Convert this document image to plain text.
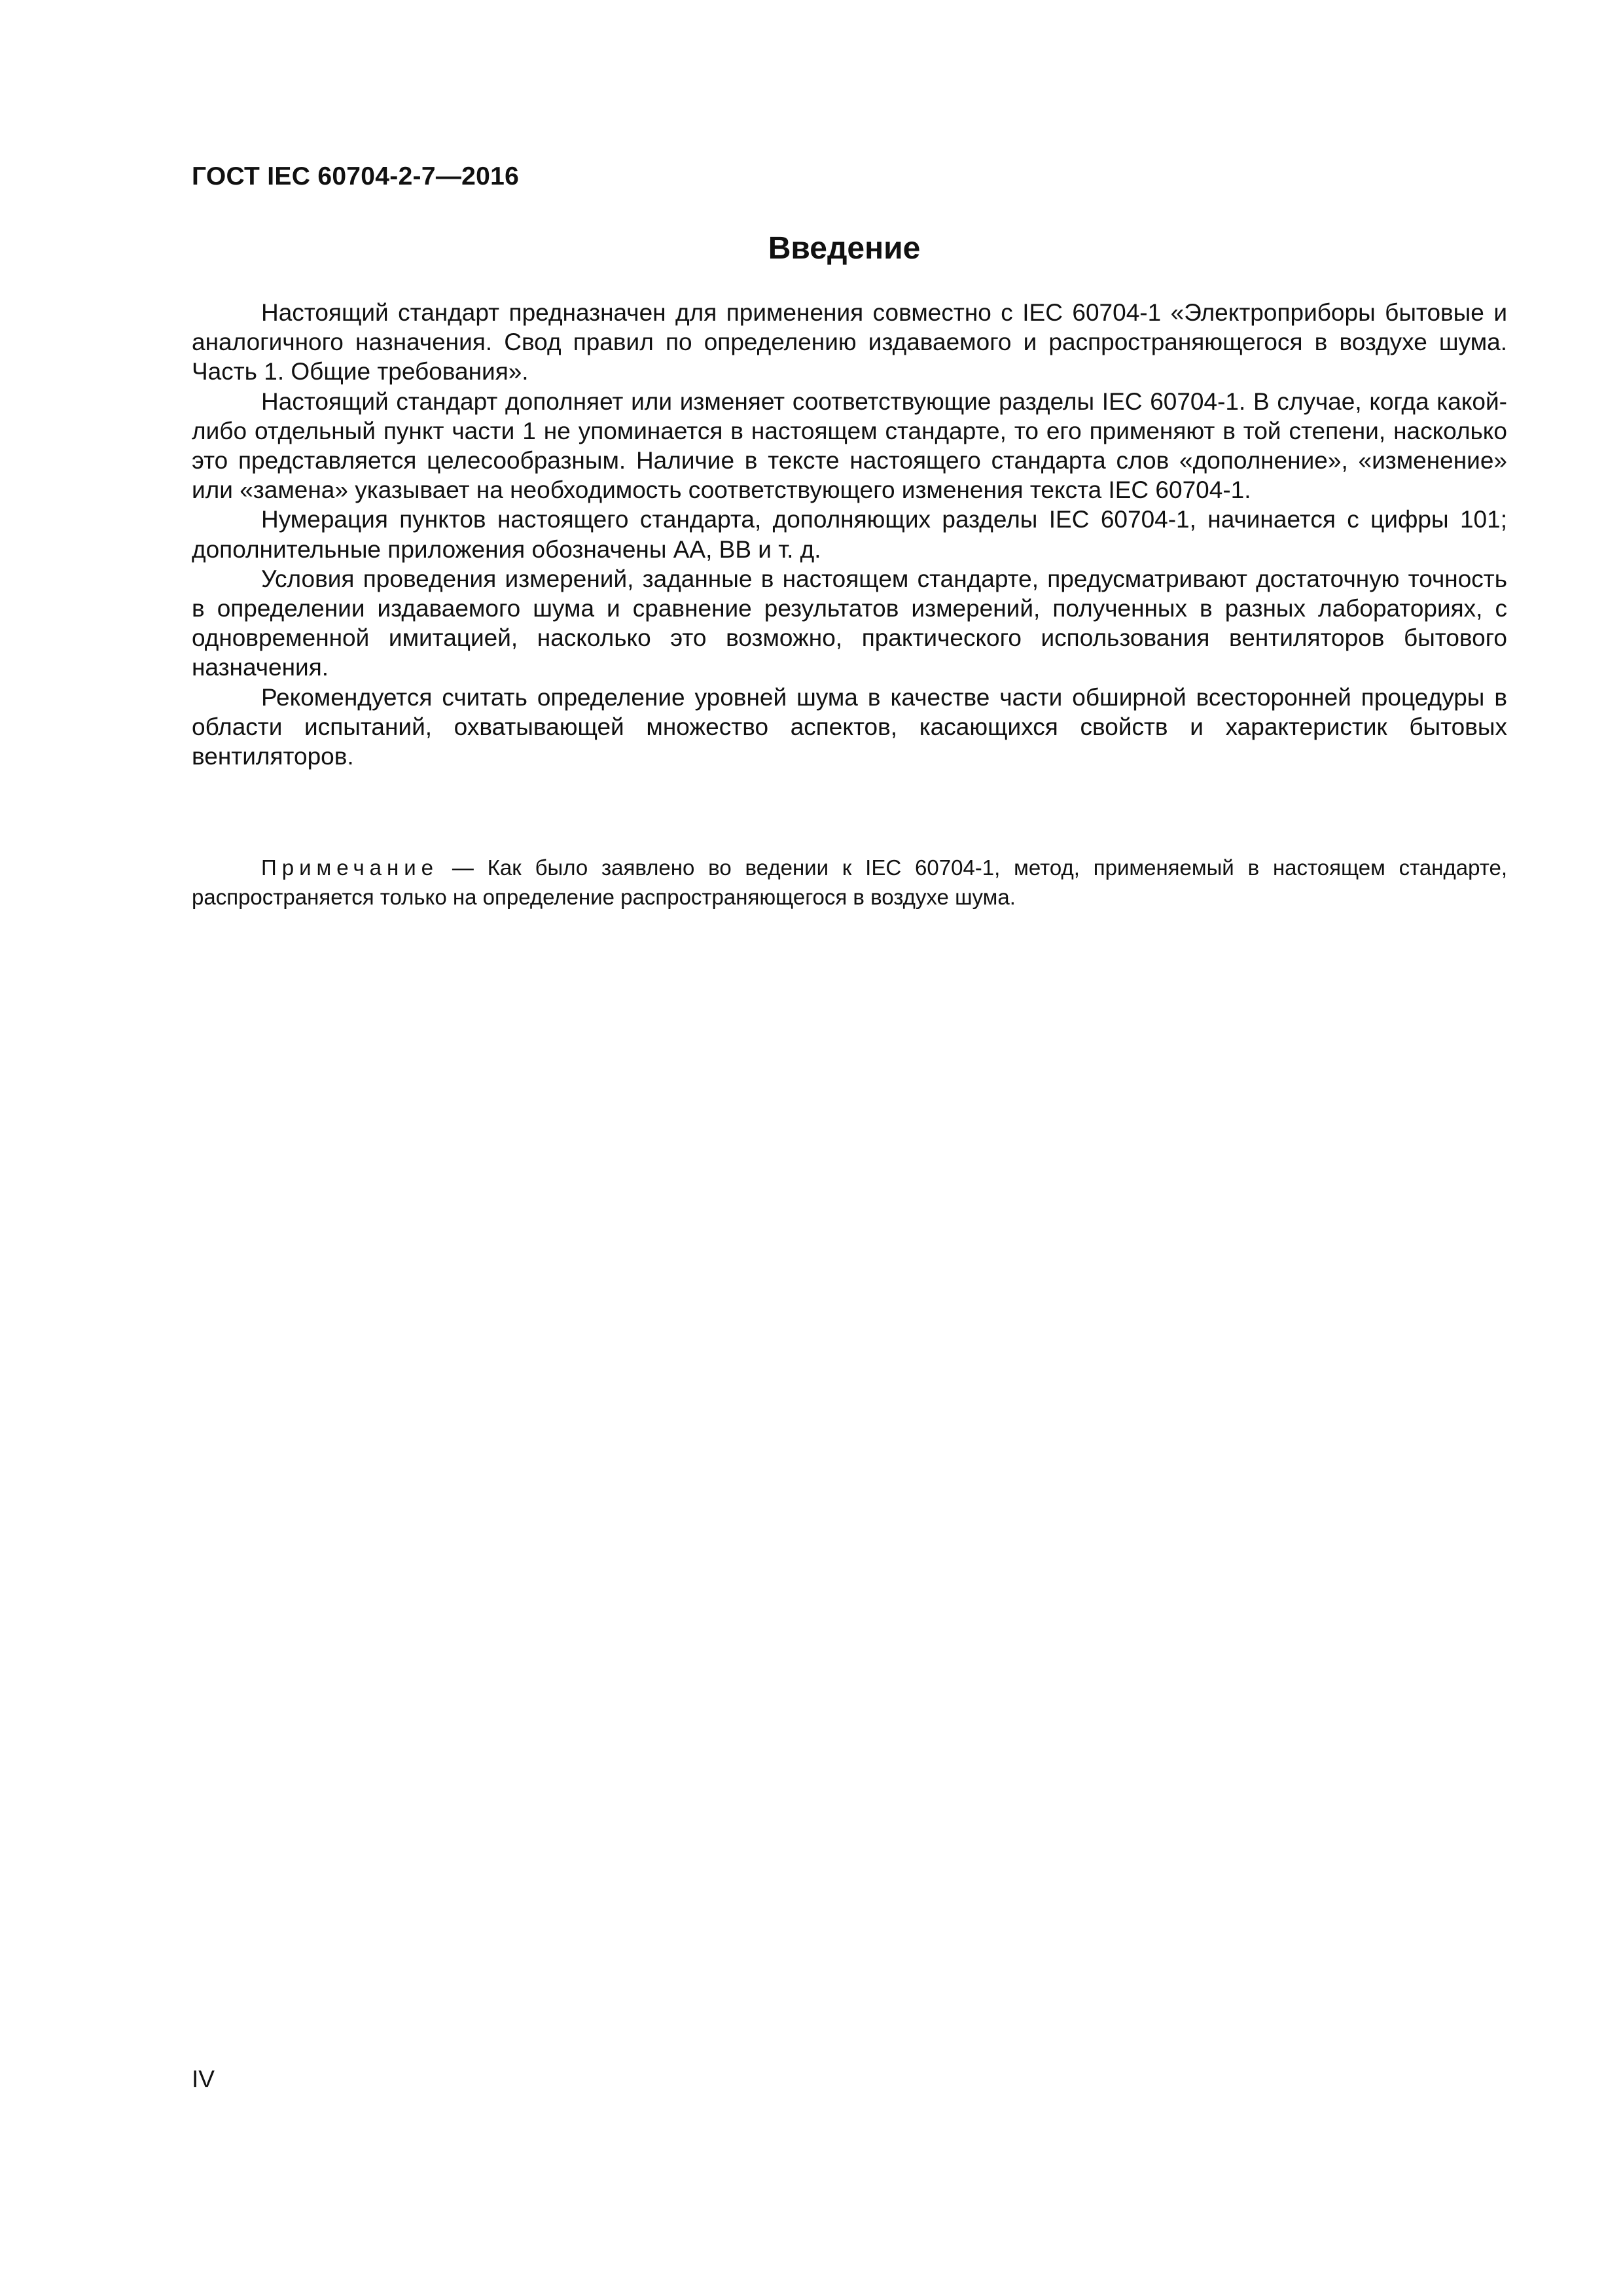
ГОСТ IEC 60704-2-7—2016
Введение

Настоящий стандарт предназначен для применения совместно с IEC 60704-1 «Электроприборы бытовые и аналогичного назначения. Свод правил по определению издаваемого и распространяющегося в воздухе шума. Часть 1. Общие требования».

Настоящий стандарт дополняет или изменяет соответствующие разделы IEC 60704-1. В случае, когда какой-либо отдельный пункт части 1 не упоминается в настоящем стандарте, то его применяют в той степени, насколько это представляется целесообразным. Наличие в тексте настоящего стандарта слов «дополнение», «изменение» или «замена» указывает на необходимость соответствующего изменения текста IEC 60704-1.

Нумерация пунктов настоящего стандарта, дополняющих разделы IEC 60704-1, начинается с цифры 101; дополнительные приложения обозначены АА, ВВ и т. д.

Условия проведения измерений, заданные в настоящем стандарте, предусматривают достаточную точность в определении издаваемого шума и сравнение результатов измерений, полученных в разных лабораториях, с одновременной имитацией, насколько это возможно, практического использования вентиляторов бытового назначения.

Рекомендуется считать определение уровней шума в качестве части обширной всесторонней процедуры в области испытаний, охватывающей множество аспектов, касающихся свойств и характеристик бытовых вентиляторов.

Примечание — Как было заявлено во ведении к IEC 60704-1, метод, применяемый в настоящем стандарте, распространяется только на определение распространяющегося в воздухе шума.

IV
